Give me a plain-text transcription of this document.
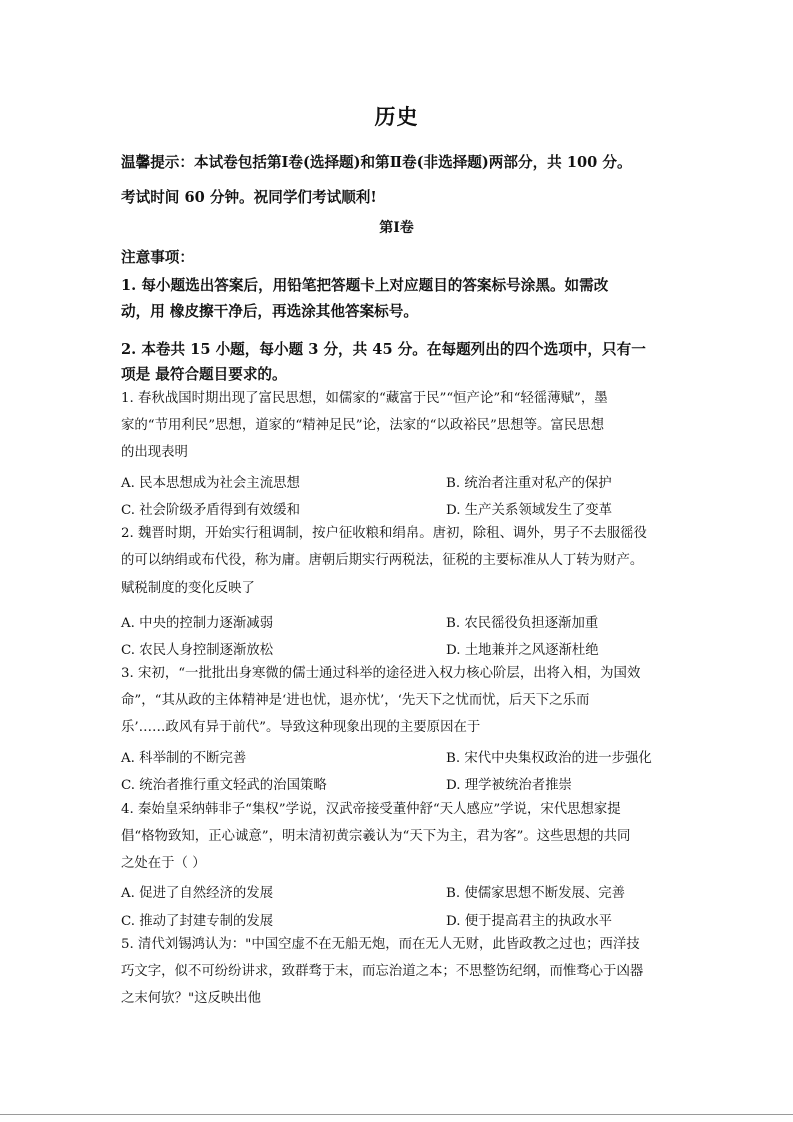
历史
温馨提示：本试卷包括第Ⅰ卷(选择题)和第Ⅱ卷(非选择题)两部分，共 100 分。
考试时间 60 分钟。祝同学们考试顺利!
第Ⅰ卷
注意事项：
1. 每小题选出答案后，用铅笔把答题卡上对应题目的答案标号涂黑。如需改
动，用 橡皮擦干净后，再选涂其他答案标号。
2. 本卷共 15 小题，每小题 3 分，共 45 分。在每题列出的四个选项中，只有一
项是 最符合题目要求的。
1. 春秋战国时期出现了富民思想，如儒家的“藏富于民”“恒产论”和“轻徭薄赋”，墨
家的“节用利民”思想，道家的“精神足民”论，法家的“以政裕民”思想等。富民思想
的出现表明
A. 民本思想成为社会主流思想	B. 统治者注重对私产的保护
C. 社会阶级矛盾得到有效缓和	D. 生产关系领域发生了变革
2. 魏晋时期，开始实行租调制，按户征收粮和绢帛。唐初，除租、调外，男子不去服徭役
的可以纳绢或布代役，称为庸。唐朝后期实行两税法，征税的主要标准从人丁转为财产。
赋税制度的变化反映了
A. 中央的控制力逐渐减弱	B. 农民徭役负担逐渐加重
C. 农民人身控制逐渐放松	D. 土地兼并之风逐渐杜绝
3. 宋初，“一批批出身寒微的儒士通过科举的途径进入权力核心阶层，出将入相，为国效
命”，“其从政的主体精神是‘进也忧，退亦忧’，‘先天下之忧而忧，后天下之乐而
乐’……政风有异于前代”。导致这种现象出现的主要原因在于
A. 科举制的不断完善	B. 宋代中央集权政治的进一步强化
C. 统治者推行重文轻武的治国策略	D. 理学被统治者推崇
4. 秦始皇采纳韩非子“集权”学说，汉武帝接受董仲舒“天人感应”学说，宋代思想家提
倡“格物致知，正心诚意”，明末清初黄宗羲认为“天下为主，君为客”。这些思想的共同
之处在于（ ）
A. 促进了自然经济的发展	B. 使儒家思想不断发展、完善
C. 推动了封建专制的发展	D. 便于提高君主的执政水平
5. 清代刘锡鸿认为："中国空虚不在无船无炮，而在无人无财，此皆政教之过也；西洋技
巧文字，似不可纷纷讲求，致群骛于末，而忘治道之本；不思整饬纪纲，而惟骛心于凶器
之末何欤？"这反映出他
